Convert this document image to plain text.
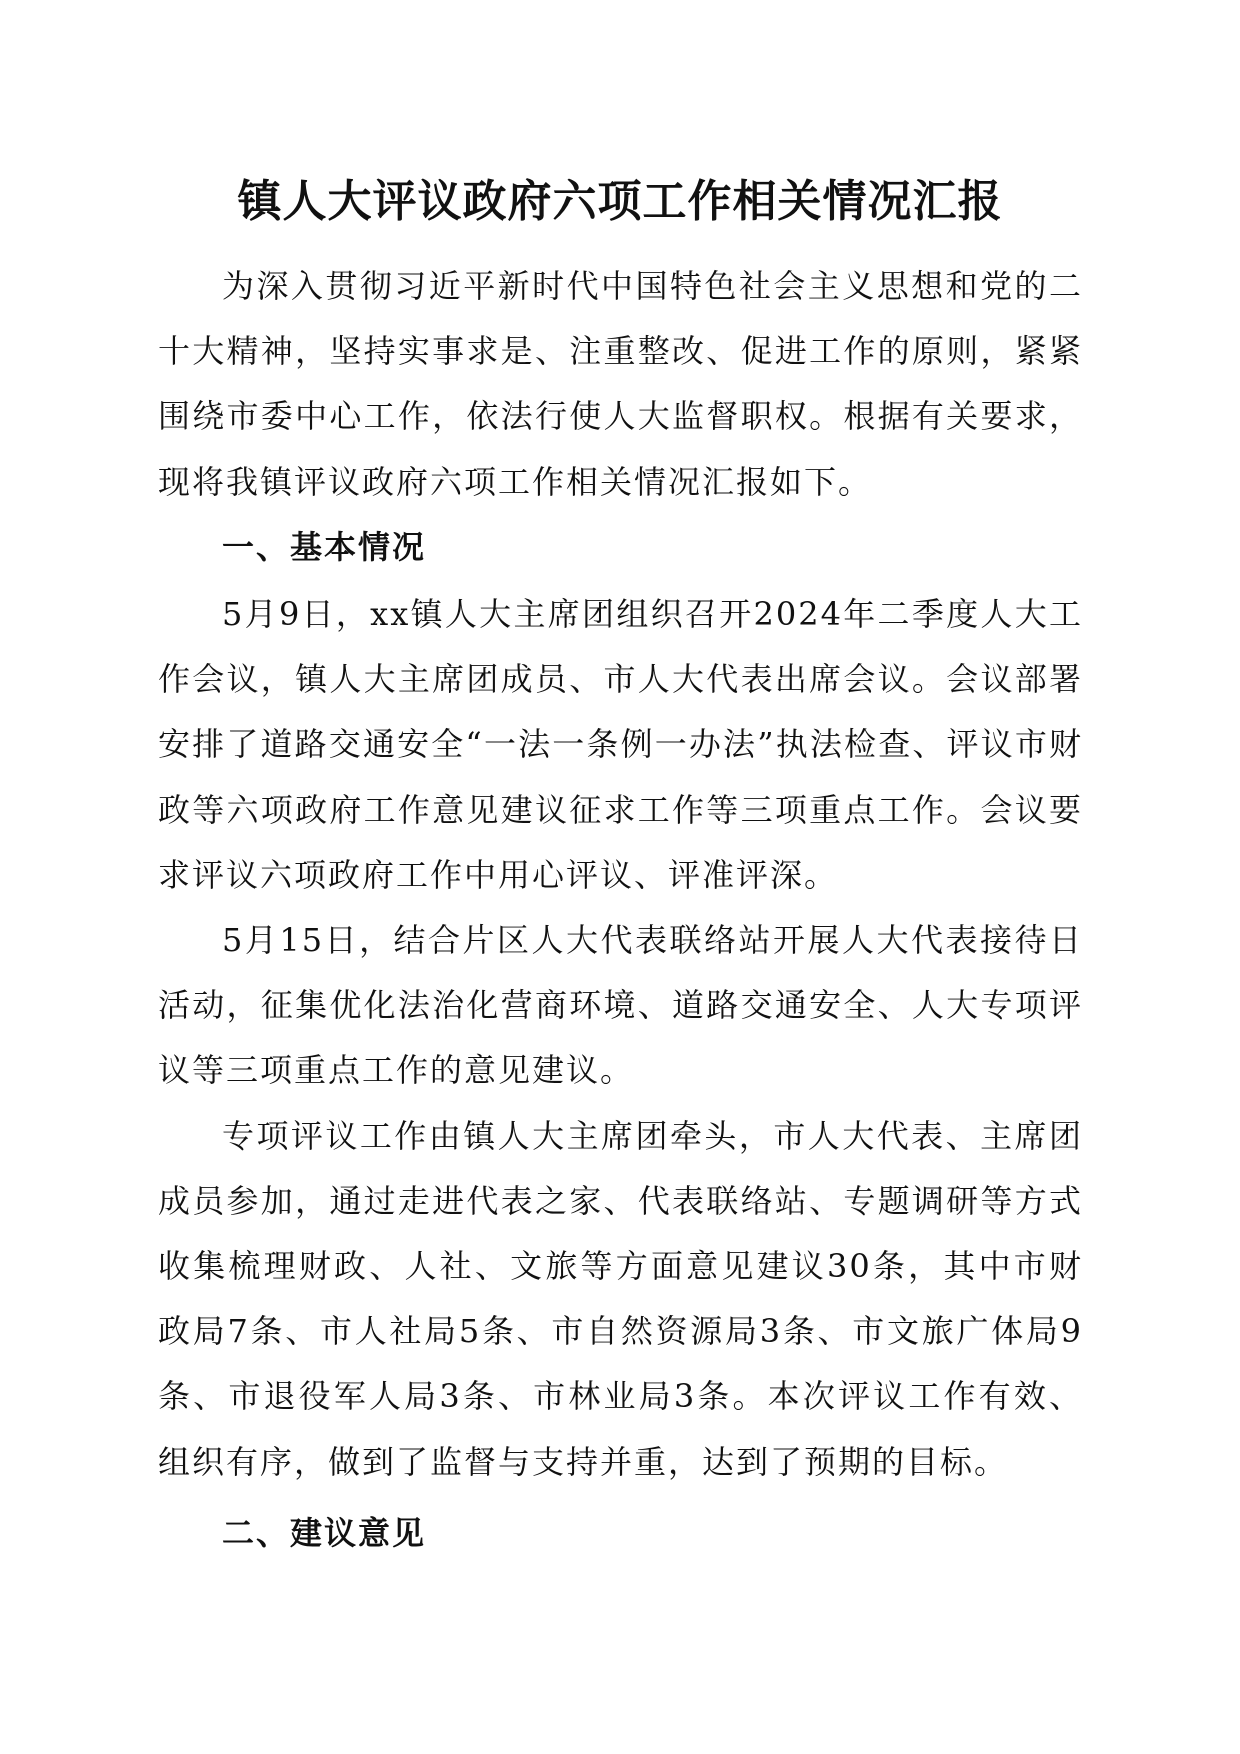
镇人大评议政府六项工作相关情况汇报

为深入贯彻习近平新时代中国特色社会主义思想和党的二十大精神，坚持实事求是、注重整改、促进工作的原则，紧紧围绕市委中心工作，依法行使人大监督职权。根据有关要求，现将我镇评议政府六项工作相关情况汇报如下。

一、基本情况

5月9日，xx镇人大主席团组织召开2024年二季度人大工作会议，镇人大主席团成员、市人大代表出席会议。会议部署安排了道路交通安全“一法一条例一办法”执法检查、评议市财政等六项政府工作意见建议征求工作等三项重点工作。会议要求评议六项政府工作中用心评议、评准评深。

5月15日，结合片区人大代表联络站开展人大代表接待日活动，征集优化法治化营商环境、道路交通安全、人大专项评议等三项重点工作的意见建议。

专项评议工作由镇人大主席团牵头，市人大代表、主席团成员参加，通过走进代表之家、代表联络站、专题调研等方式收集梳理财政、人社、文旅等方面意见建议30条，其中市财政局7条、市人社局5条、市自然资源局3条、市文旅广体局9条、市退役军人局3条、市林业局3条。本次评议工作有效、组织有序，做到了监督与支持并重，达到了预期的目标。

二、建议意见
